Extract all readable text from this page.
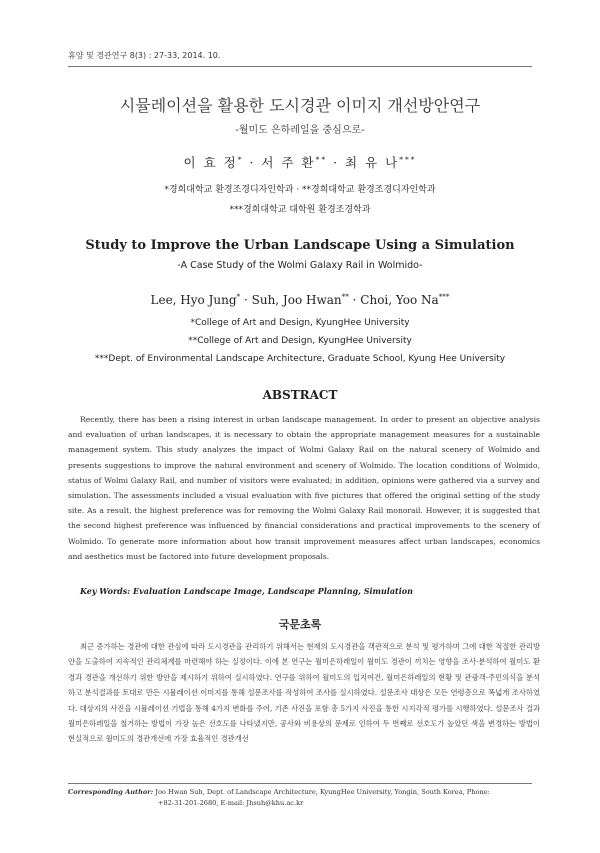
휴양 및 경관연구 8(3) : 27-33, 2014. 10.
시뮬레이션을 활용한 도시경관 이미지 개선방안연구
-월미도 은하레일을 중심으로-
이 효 정* · 서 주 환** · 최 유 나***
*경희대학교 환경조경디자인학과 · **경희대학교 환경조경디자인학과
***경희대학교 대학원 환경조경학과
Study to Improve the Urban Landscape Using a Simulation
-A Case Study of the Wolmi Galaxy Rail in Wolmido-
Lee, Hyo Jung* · Suh, Joo Hwan** · Choi, Yoo Na***
*College of Art and Design, KyungHee University
**College of Art and Design, KyungHee University
***Dept. of Environmental Landscape Architecture, Graduate School, Kyung Hee University
ABSTRACT

Recently, there has been a rising interest in urban landscape management. In order to present an objective analysis and evaluation of urban landscapes, it is necessary to obtain the appropriate management measures for a sustainable management system. This study analyzes the impact of Wolmi Galaxy Rail on the natural scenery of Wolmido and presents suggestions to improve the natural environment and scenery of Wolmido. The location conditions of Wolmido, status of Wolmi Galaxy Rail, and number of visitors were evaluated; in addition, opinions were gathered via a survey and simulation. The assessments included a visual evaluation with five pictures that offered the original setting of the study site. As a result, the highest preference was for removing the Wolmi Galaxy Rail monorail. However, it is suggested that the second highest preference was influenced by financial considerations and practical improvements to the scenery of Wolmido. To generate more information about how transit improvement measures affect urban landscapes, economics and aesthetics must be factored into future development proposals.

Key Words: Evaluation Landscape Image, Landscape Planning, Simulation
국문초록

최근 증가하는 경관에 대한 관심에 따라 도시경관을 관리하기 위해서는 현재의 도시경관을 객관적으로 분석 및 평가하며 그에 대한 적절한 관리방안을 도출하여 지속적인 관리체계를 마련해야 하는 실정이다. 이에 본 연구는 월미은하레일이 월미도 경관이 끼치는 영향을 조사·분석하여 월미도 환경과 경관을 개선하기 위한 방안을 제시하기 위하여 실시하였다. 연구를 위하여 월미도의 입지여건, 월미은하레일의 현황 및 관광객·주민의식을 분석하고 분석결과를 토대로 만든 시뮬레이션 이미지를 통해 설문조사를 작성하여 조사를 실시하였다. 설문조사 대상은 모든 연령층으로 폭넓게 조사하였다. 대상지의 사진을 시뮬레이션 기법을 통해 4가지 변화를 주어, 기존 사진을 포함 총 5가지 사진을 통한 시지각적 평가를 시행하였다. 설문조사 결과 월미은하레일을 철거하는 방법이 가장 높은 선호도를 나타냈지만, 공사와 비용상의 문제로 인하여 두 번째로 선호도가 높았던 색을 변경하는 방법이 현실적으로 월미도의 경관개선에 가장 효율적인 경관개선

Corresponding Author: Joo Hwan Suh, Dept. of Landscape Architecture, KyungHee University, Yongin, South Korea, Phone:
+82-31-201-2680, E-mail: Jhsuh@khu.ac.kr
